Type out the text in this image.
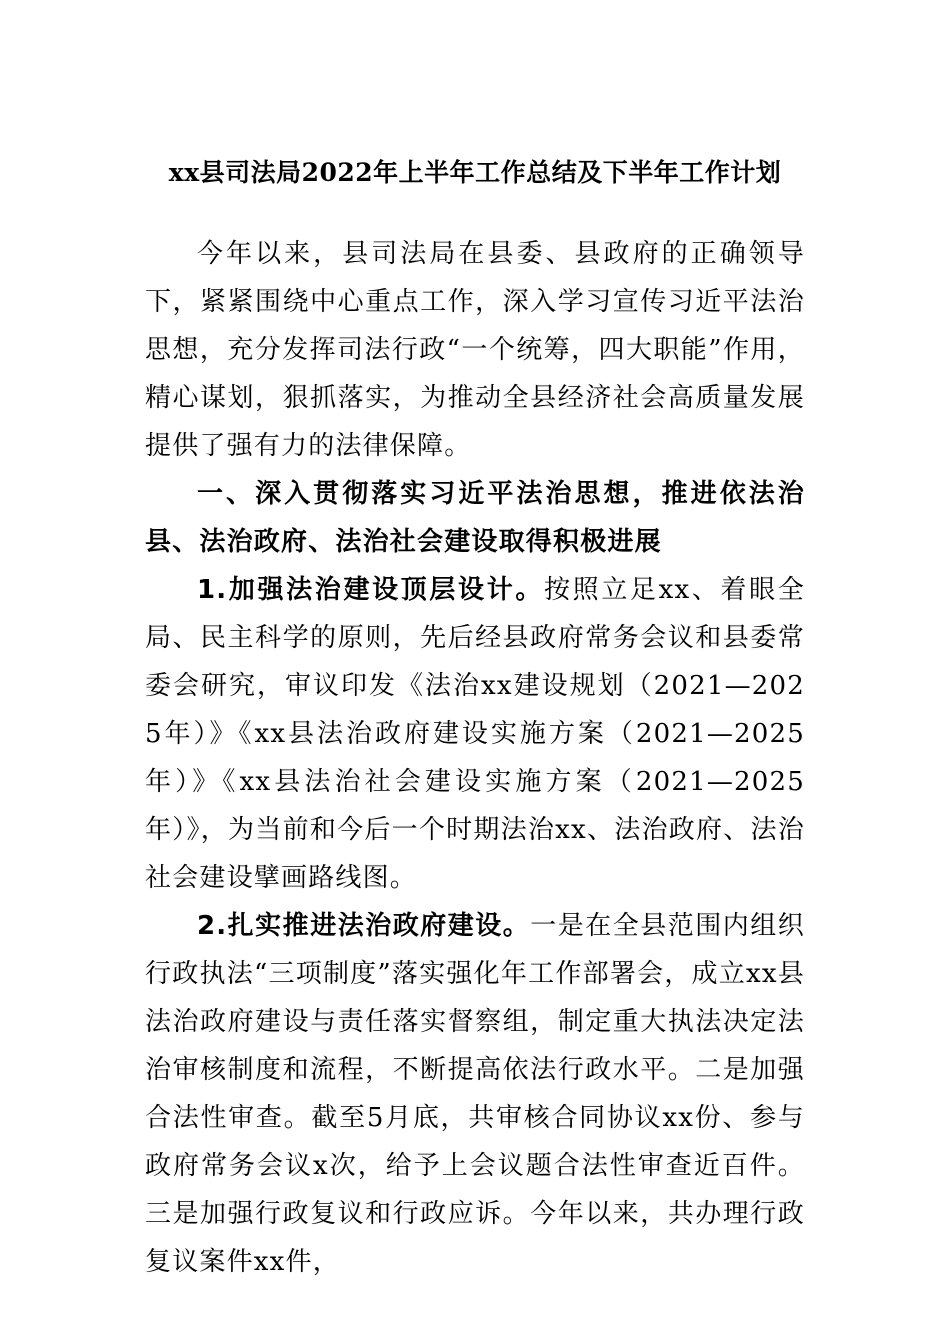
xx县司法局2022年上半年工作总结及下半年工作计划

今年以来，县司法局在县委、县政府的正确领导下，紧紧围绕中心重点工作，深入学习宣传习近平法治思想，充分发挥司法行政“一个统筹，四大职能”作用，精心谋划，狠抓落实，为推动全县经济社会高质量发展提供了强有力的法律保障。

一、深入贯彻落实习近平法治思想，推进依法治县、法治政府、法治社会建设取得积极进展

1.加强法治建设顶层设计。按照立足xx、着眼全局、民主科学的原则，先后经县政府常务会议和县委常委会研究，审议印发《法治xx建设规划（2021—2025年）》《xx县法治政府建设实施方案（2021—2025年）》《xx县法治社会建设实施方案（2021—2025年）》，为当前和今后一个时期法治xx、法治政府、法治社会建设擘画路线图。

2.扎实推进法治政府建设。一是在全县范围内组织行政执法“三项制度”落实强化年工作部署会，成立xx县法治政府建设与责任落实督察组，制定重大执法决定法治审核制度和流程，不断提高依法行政水平。二是加强合法性审查。截至5月底，共审核合同协议xx份、参与政府常务会议x次，给予上会议题合法性审查近百件。三是加强行政复议和行政应诉。今年以来，共办理行政复议案件xx件，
